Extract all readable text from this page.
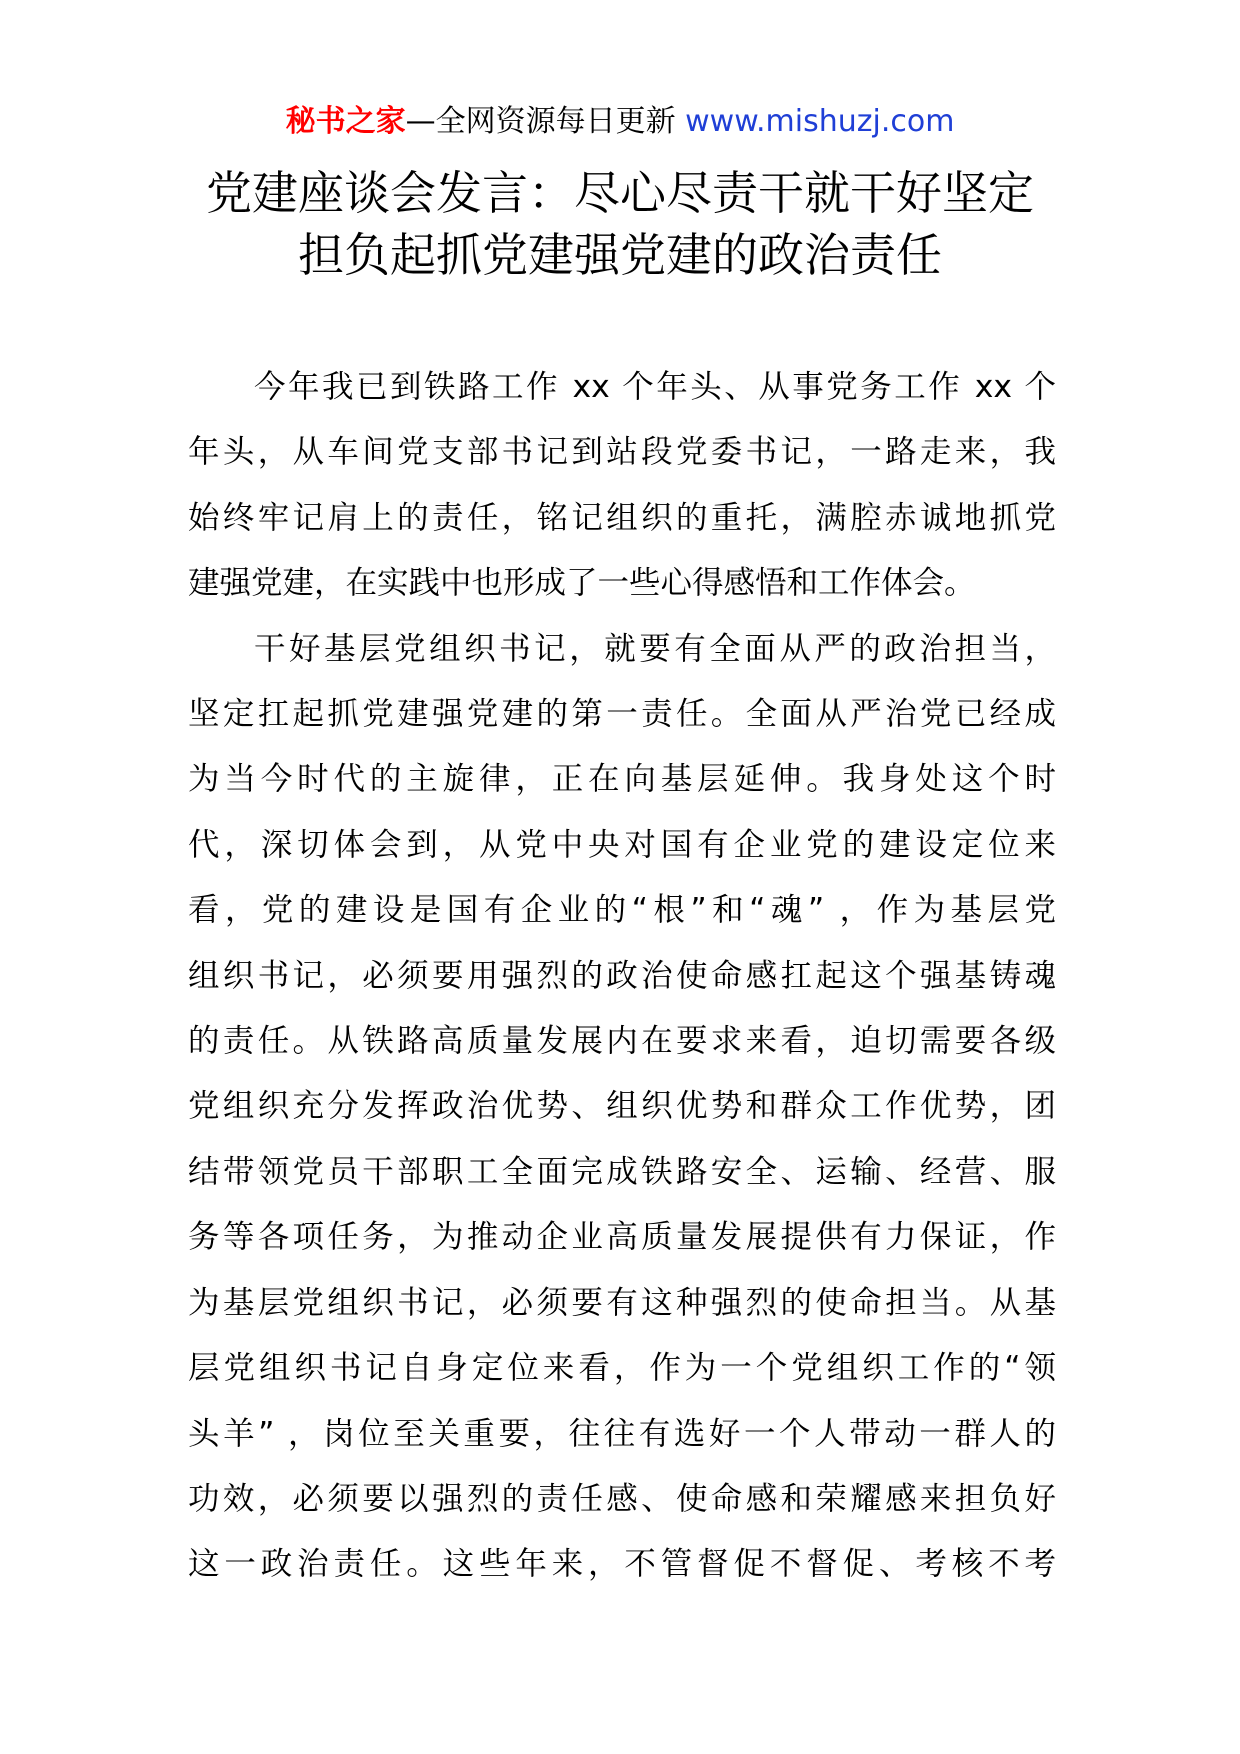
秘书之家—全网资源每日更新 www.mishuzj.com
党建座谈会发言：尽心尽责干就干好坚定
担负起抓党建强党建的政治责任
今年我已到铁路工作 xx 个年头、从事党务工作 xx 个
年头，从车间党支部书记到站段党委书记，一路走来，我
始终牢记肩上的责任，铭记组织的重托，满腔赤诚地抓党
建强党建，在实践中也形成了一些心得感悟和工作体会。
干好基层党组织书记，就要有全面从严的政治担当，
坚定扛起抓党建强党建的第一责任。全面从严治党已经成
为当今时代的主旋律，正在向基层延伸。我身处这个时
代，深切体会到，从党中央对国有企业党的建设定位来
看，党的建设是国有企业的“根”和“魂” ，作为基层党
组织书记，必须要用强烈的政治使命感扛起这个强基铸魂
的责任。从铁路高质量发展内在要求来看，迫切需要各级
党组织充分发挥政治优势、组织优势和群众工作优势，团
结带领党员干部职工全面完成铁路安全、运输、经营、服
务等各项任务，为推动企业高质量发展提供有力保证，作
为基层党组织书记，必须要有这种强烈的使命担当。从基
层党组织书记自身定位来看，作为一个党组织工作的“领
头羊” ，岗位至关重要，往往有选好一个人带动一群人的
功效，必须要以强烈的责任感、使命感和荣耀感来担负好
这一政治责任。这些年来，不管督促不督促、考核不考
